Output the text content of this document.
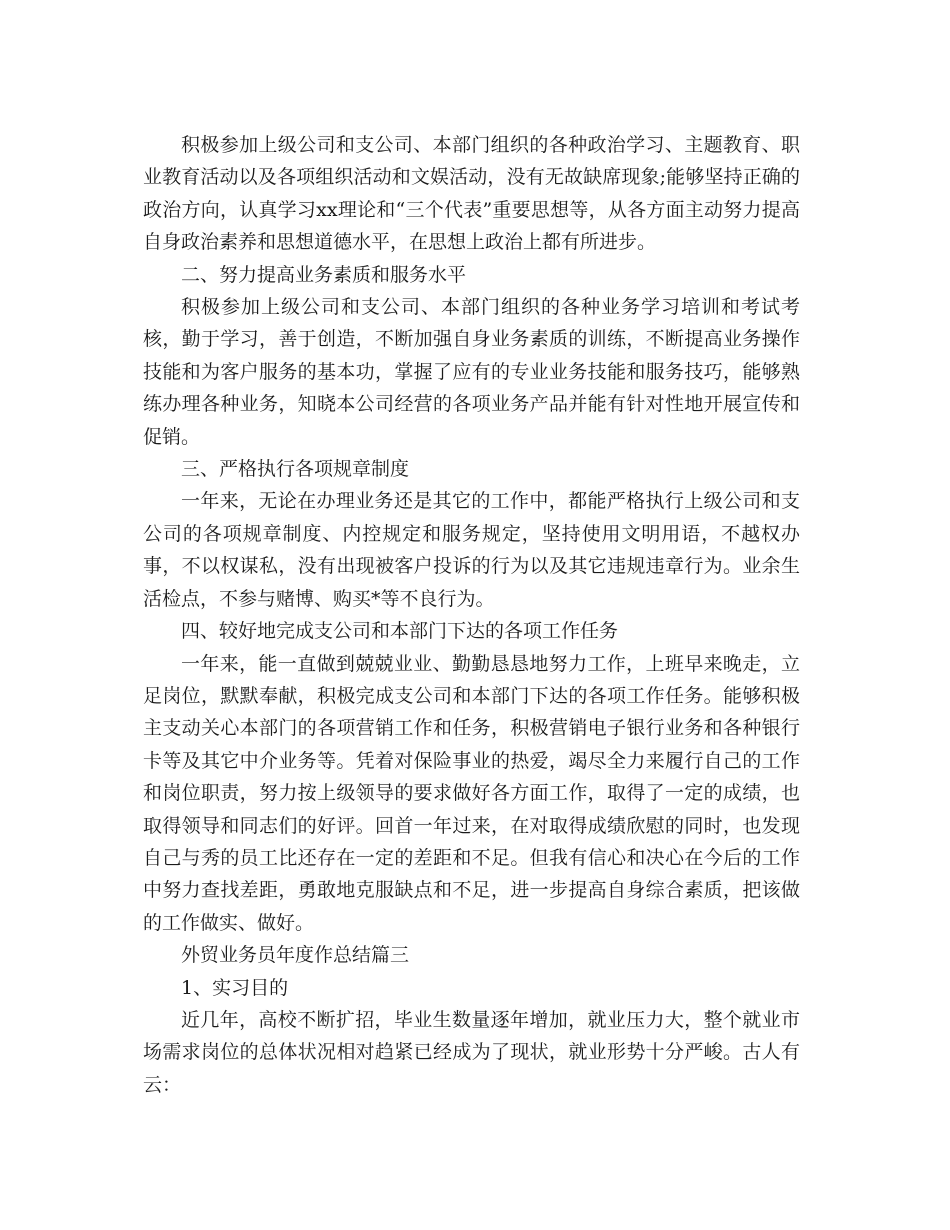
积极参加上级公司和支公司、本部门组织的各种政治学习、主题教育、职业教育活动以及各项组织活动和文娱活动，没有无故缺席现象;能够坚持正确的政治方向，认真学习xx理论和“三个代表”重要思想等，从各方面主动努力提高自身政治素养和思想道德水平，在思想上政治上都有所进步。

二、努力提高业务素质和服务水平

积极参加上级公司和支公司、本部门组织的各种业务学习培训和考试考核，勤于学习，善于创造，不断加强自身业务素质的训练，不断提高业务操作技能和为客户服务的基本功，掌握了应有的专业业务技能和服务技巧，能够熟练办理各种业务，知晓本公司经营的各项业务产品并能有针对性地开展宣传和促销。

三、严格执行各项规章制度

一年来，无论在办理业务还是其它的工作中，都能严格执行上级公司和支公司的各项规章制度、内控规定和服务规定，坚持使用文明用语，不越权办事，不以权谋私，没有出现被客户投诉的行为以及其它违规违章行为。业余生活检点，不参与赌博、购买*等不良行为。

四、较好地完成支公司和本部门下达的各项工作任务

一年来，能一直做到兢兢业业、勤勤恳恳地努力工作，上班早来晚走，立足岗位，默默奉献，积极完成支公司和本部门下达的各项工作任务。能够积极主支动关心本部门的各项营销工作和任务，积极营销电子银行业务和各种银行卡等及其它中介业务等。凭着对保险事业的热爱，竭尽全力来履行自己的工作和岗位职责，努力按上级领导的要求做好各方面工作，取得了一定的成绩，也取得领导和同志们的好评。回首一年过来，在对取得成绩欣慰的同时，也发现自己与秀的员工比还存在一定的差距和不足。但我有信心和决心在今后的工作中努力查找差距，勇敢地克服缺点和不足，进一步提高自身综合素质，把该做的工作做实、做好。

外贸业务员年度作总结篇三

1、实习目的

近几年，高校不断扩招，毕业生数量逐年增加，就业压力大，整个就业市场需求岗位的总体状况相对趋紧已经成为了现状，就业形势十分严峻。古人有云：
